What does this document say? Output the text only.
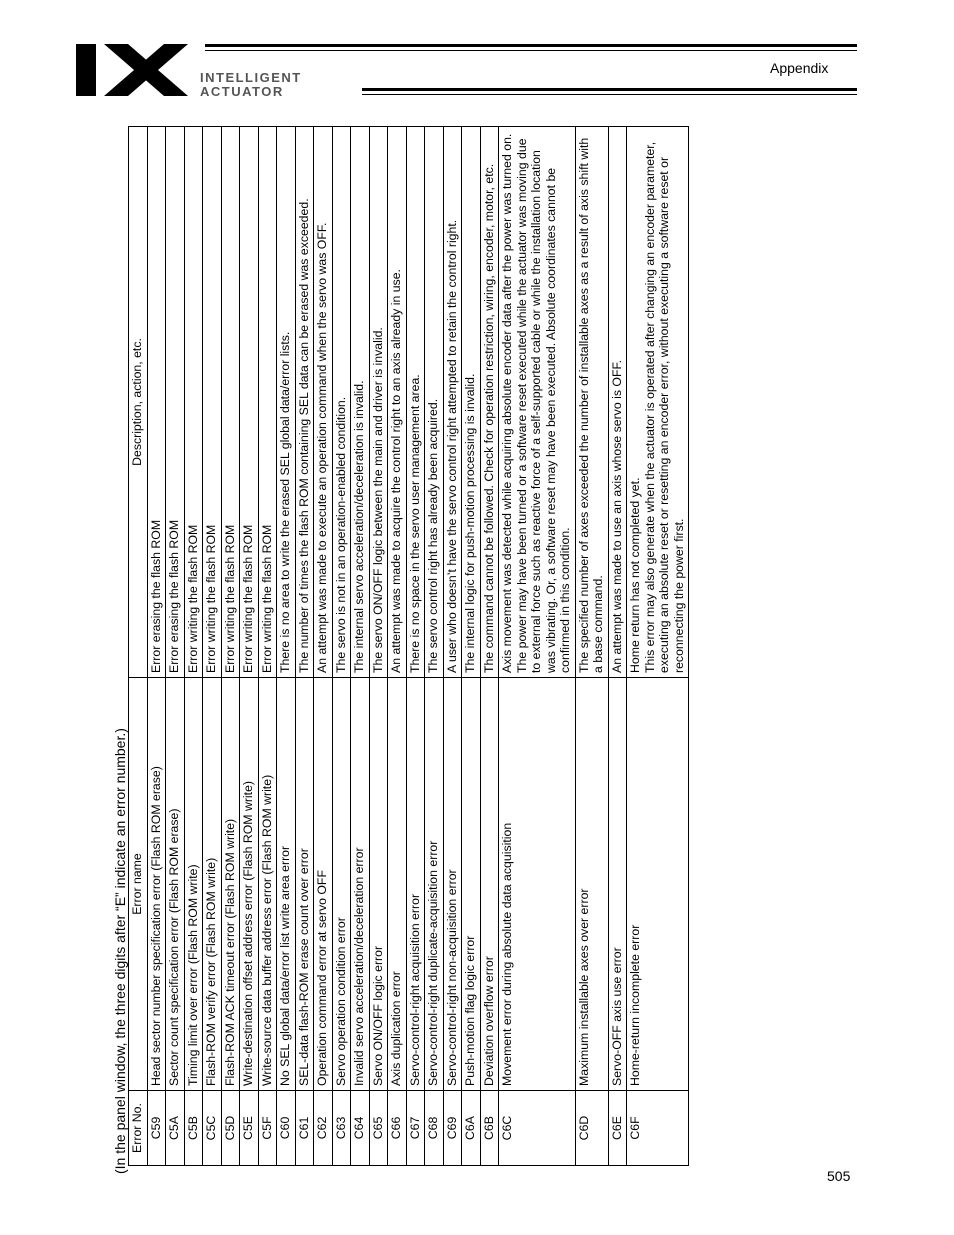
INTELLIGENT
ACTUATOR
Appendix
(In the panel window, the three digits after “E” indicate an error number.) Error No.	Error name	Description, action, etc.
C59	Head sector number specification error (Flash ROM erase)	Error erasing the flash ROM
C5A	Sector count specification error (Flash ROM erase)	Error erasing the flash ROM
C5B	Timing limit over error (Flash ROM write)	Error writing the flash ROM
C5C	Flash-ROM verify error (Flash ROM write)	Error writing the flash ROM
C5D	Flash-ROM ACK timeout error (Flash ROM write)	Error writing the flash ROM
C5E	Write-destination offset address error (Flash ROM write)	Error writing the flash ROM
C5F	Write-source data buffer address error (Flash ROM write)	Error writing the flash ROM
C60	No SEL global data/error list write area error	There is no area to write the erased SEL global data/error lists.
C61	SEL-data flash-ROM erase count over error	The number of times the flash ROM containing SEL data can be erased was exceeded.
C62	Operation command error at servo OFF	An attempt was made to execute an operation command when the servo was OFF.
C63	Servo operation condition error	The servo is not in an operation-enabled condition.
C64	Invalid servo acceleration/deceleration error	The internal servo acceleration/deceleration is invalid.
C65	Servo ON/OFF logic error	The servo ON/OFF logic between the main and driver is invalid.
C66	Axis duplication error	An attempt was made to acquire the control right to an axis already in use.
C67	Servo-control-right acquisition error	There is no space in the servo user management area.
C68	Servo-control-right duplicate-acquisition error	The servo control right has already been acquired.
C69	Servo-control-right non-acquisition error	A user who doesn’t have the servo control right attempted to retain the control right.
C6A	Push-motion flag logic error	The internal logic for push-motion processing is invalid.
C6B	Deviation overflow error	The command cannot be followed. Check for operation restriction, wiring, encoder, motor, etc.
C6C	Movement error during absolute data acquisition	Axis movement was detected while acquiring absolute encoder data after the power was turned on. The power may have been turned or a software reset executed while the actuator was moving due to external force such as reactive force of a self-supported cable or while the installation location was vibrating. Or, a software reset may have been executed. Absolute coordinates cannot be confirmed in this condition.
C6D	Maximum installable axes over error	The specified number of axes exceeded the number of installable axes as a result of axis shift with a base command.
C6E	Servo-OFF axis use error	An attempt was made to use an axis whose servo is OFF.
C6F	Home-return incomplete error	Home return has not completed yet.
This error may also generate when the actuator is operated after changing an encoder parameter, executing an absolute reset or resetting an encoder error, without executing a software reset or reconnecting the power first.
505
